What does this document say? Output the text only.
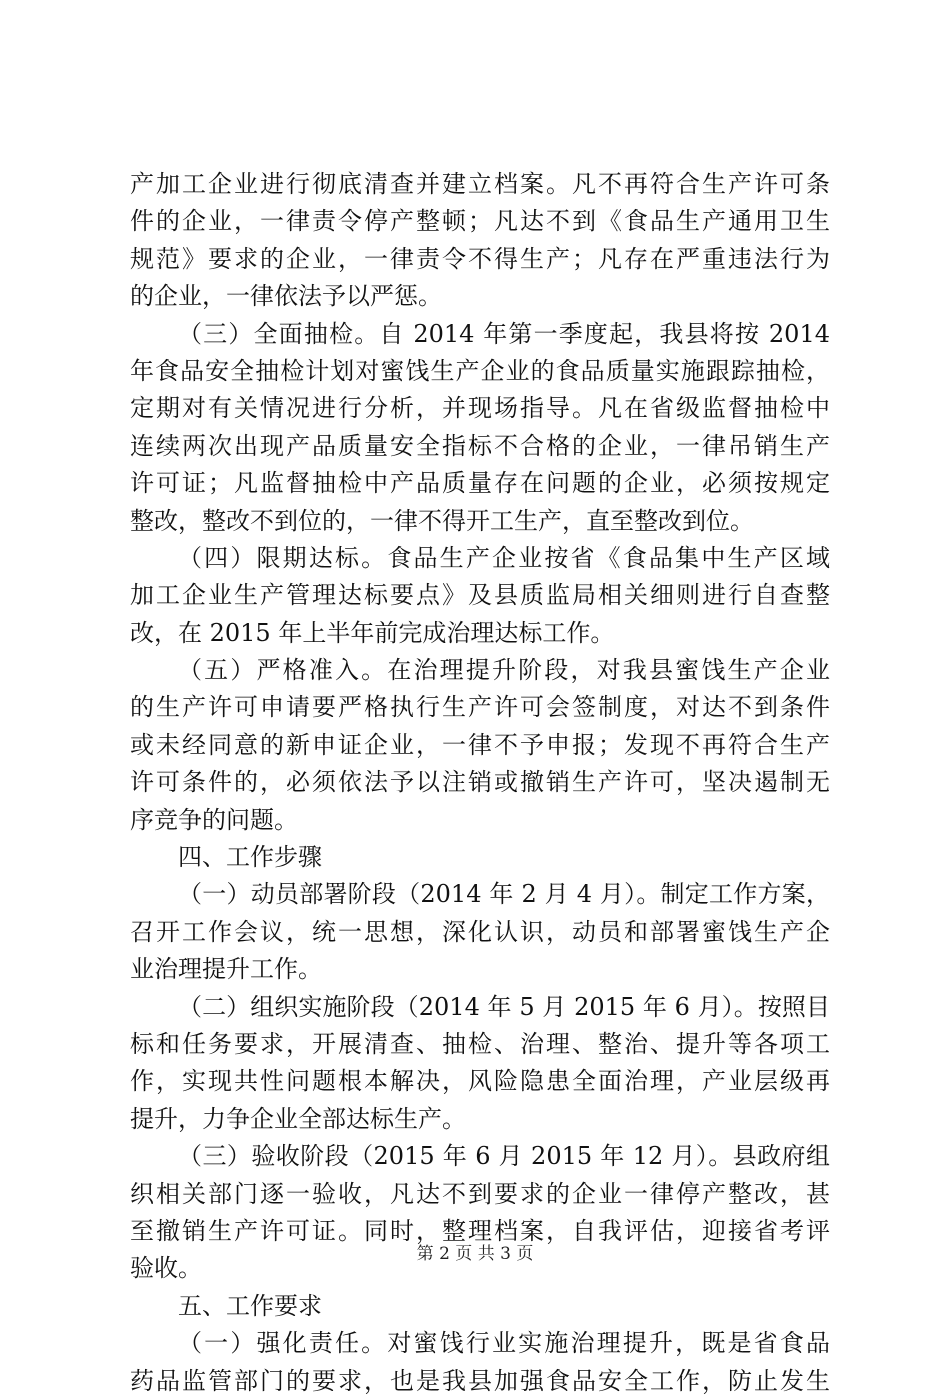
产加工企业进行彻底清查并建立档案。凡不再符合生产许可条
件的企业，一律责令停产整顿；凡达不到《食品生产通用卫生
规范》要求的企业，一律责令不得生产；凡存在严重违法行为
的企业，一律依法予以严惩。
（三）全面抽检。自 2014 年第一季度起，我县将按 2014
年食品安全抽检计划对蜜饯生产企业的食品质量实施跟踪抽检，
定期对有关情况进行分析，并现场指导。凡在省级监督抽检中
连续两次出现产品质量安全指标不合格的企业，一律吊销生产
许可证；凡监督抽检中产品质量存在问题的企业，必须按规定
整改，整改不到位的，一律不得开工生产，直至整改到位。
（四）限期达标。食品生产企业按省《食品集中生产区域
加工企业生产管理达标要点》及县质监局相关细则进行自查整
改，在 2015 年上半年前完成治理达标工作。
（五）严格准入。在治理提升阶段，对我县蜜饯生产企业
的生产许可申请要严格执行生产许可会签制度，对达不到条件
或未经同意的新申证企业，一律不予申报；发现不再符合生产
许可条件的，必须依法予以注销或撤销生产许可，坚决遏制无
序竞争的问题。
四、工作步骤
（一）动员部署阶段（2014 年 2 月 4 月）。制定工作方案，
召开工作会议，统一思想，深化认识，动员和部署蜜饯生产企
业治理提升工作。
（二）组织实施阶段（2014 年 5 月 2015 年 6 月）。按照目
标和任务要求，开展清查、抽检、治理、整治、提升等各项工
作，实现共性问题根本解决，风险隐患全面治理，产业层级再
提升，力争企业全部达标生产。
（三）验收阶段（2015 年 6 月 2015 年 12 月）。县政府组
织相关部门逐一验收，凡达不到要求的企业一律停产整改，甚
至撤销生产许可证。同时，整理档案，自我评估，迎接省考评
验收。
五、工作要求
（一）强化责任。对蜜饯行业实施治理提升，既是省食品
药品监管部门的要求，也是我县加强食品安全工作，防止发生
第 2 页 共 3 页
